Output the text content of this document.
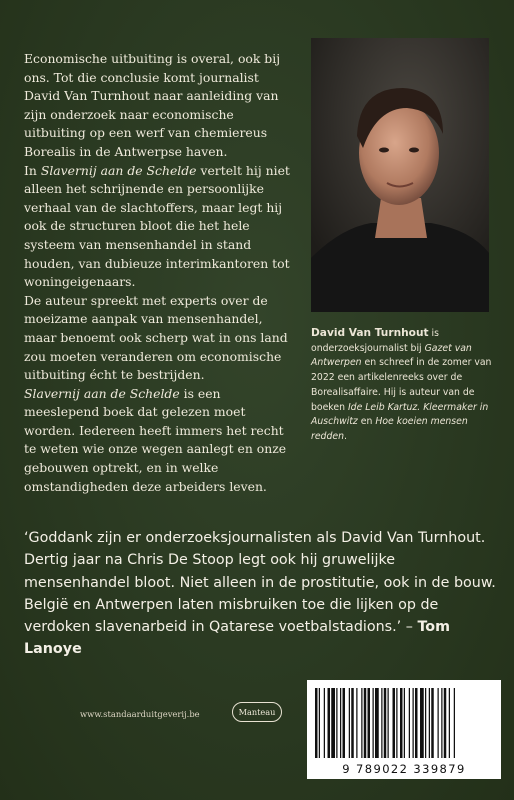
Economische uitbuiting is overal, ook bij ons. Tot die conclusie komt journalist David Van Turnhout naar aanleiding van zijn onderzoek naar economische uitbuiting op een werf van chemiereus Borealis in de Antwerpse haven.

In Slavernij aan de Schelde vertelt hij niet alleen het schrijnende en persoonlijke verhaal van de slachtoffers, maar legt hij ook de structuren bloot die het hele systeem van mensenhandel in stand houden, van dubieuze interimkantoren tot woningeigenaars.

De auteur spreekt met experts over de moeizame aanpak van mensenhandel, maar benoemt ook scherp wat in ons land zou moeten veranderen om economische uitbuiting écht te bestrijden.

Slavernij aan de Schelde is een meeslepend boek dat gelezen moet worden. Iedereen heeft immers het recht te weten wie onze wegen aanlegt en onze gebouwen optrekt, en in welke omstandigheden deze arbeiders leven.

David Van Turnhout is onderzoeksjournalist bij Gazet van Antwerpen en schreef in de zomer van 2022 een artikelenreeks over de Borealisaffaire. Hij is auteur van de boeken Ide Leib Kartuz. Kleermaker in Auschwitz en Hoe koeien mensen redden.
‘Goddank zijn er onderzoeksjournalisten als David Van Turnhout. Dertig jaar na Chris De Stoop legt ook hij gruwelijke mensenhandel bloot. Niet alleen in de prostitutie, ook in de bouw. België en Antwerpen laten misbruiken toe die lijken op de verdoken slavenarbeid in Qatarese voetbalstadions.’ – Tom Lanoye
www.standaarduitgeverij.be	Manteau
9 789022 339879
